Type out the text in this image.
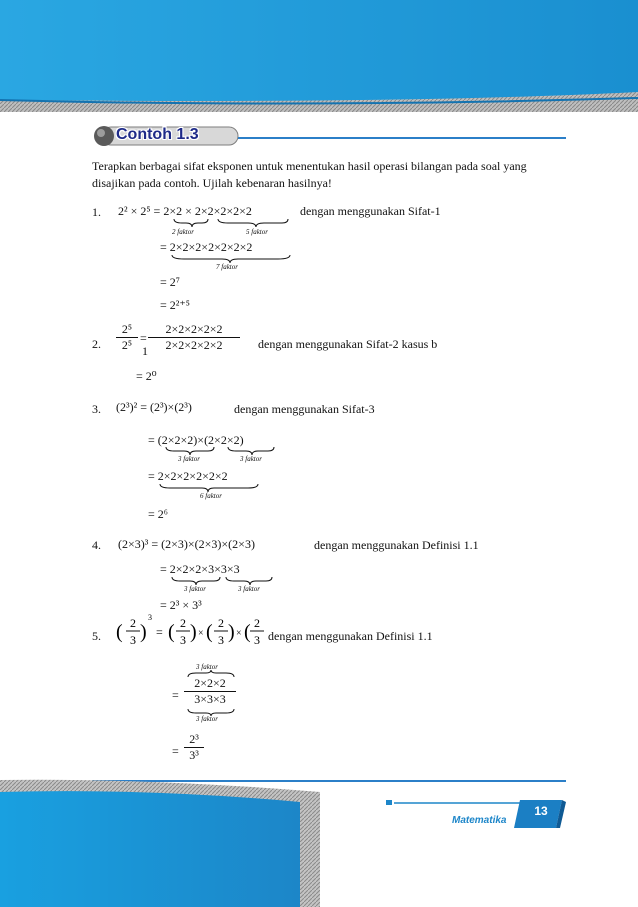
Contoh 1.3

Terapkan berbagai sifat eksponen untuk menentukan hasil operasi bilangan pada soal yang disajikan pada contoh. Ujilah kebenaran hasilnya!

1. 2² × 2⁵ = 2×2 × 2×2×2×2×2	dengan menggunakan Sifat-1
2 faktor	5 faktor
= 2×2×2×2×2×2×2
7 faktor
= 2⁷
= 2²⁺⁵
2. $\frac{\text{2⁵}}{\text{2⁵}}$ =
$1 \frac{2\times 2\times 2\times 2\times 2}{2\times 2\times 2\times 2\times 2}$ dengan menggunakan Sifat-2 kasus b
= 2⁰
3. (2³)² = (2³)×(2³)	dengan menggunakan Sifat-3
= (2×2×2)×(2×2×2)
3 faktor	3 faktor
= 2×2×2×2×2×2
6 faktor
= 2⁶
4. (2×3)³ = (2×3)×(2×3)×(2×3)	dengan menggunakan Definisi 1.1
= 2×2×2×3×3×3
3 faktor	3 faktor
= 2³ × 3³
5. ( 2
3 )
3
= ( 2
3 ) × ( 2
3 ) × ( 2
3 dengan menggunakan Definisi 1.1
3 faktor
= $\frac{2\times 2\times 2}{3\times 3\times 3}$
3 faktor
= $\frac{\text{2³}}{\text{3³}}$
13
Matematika
